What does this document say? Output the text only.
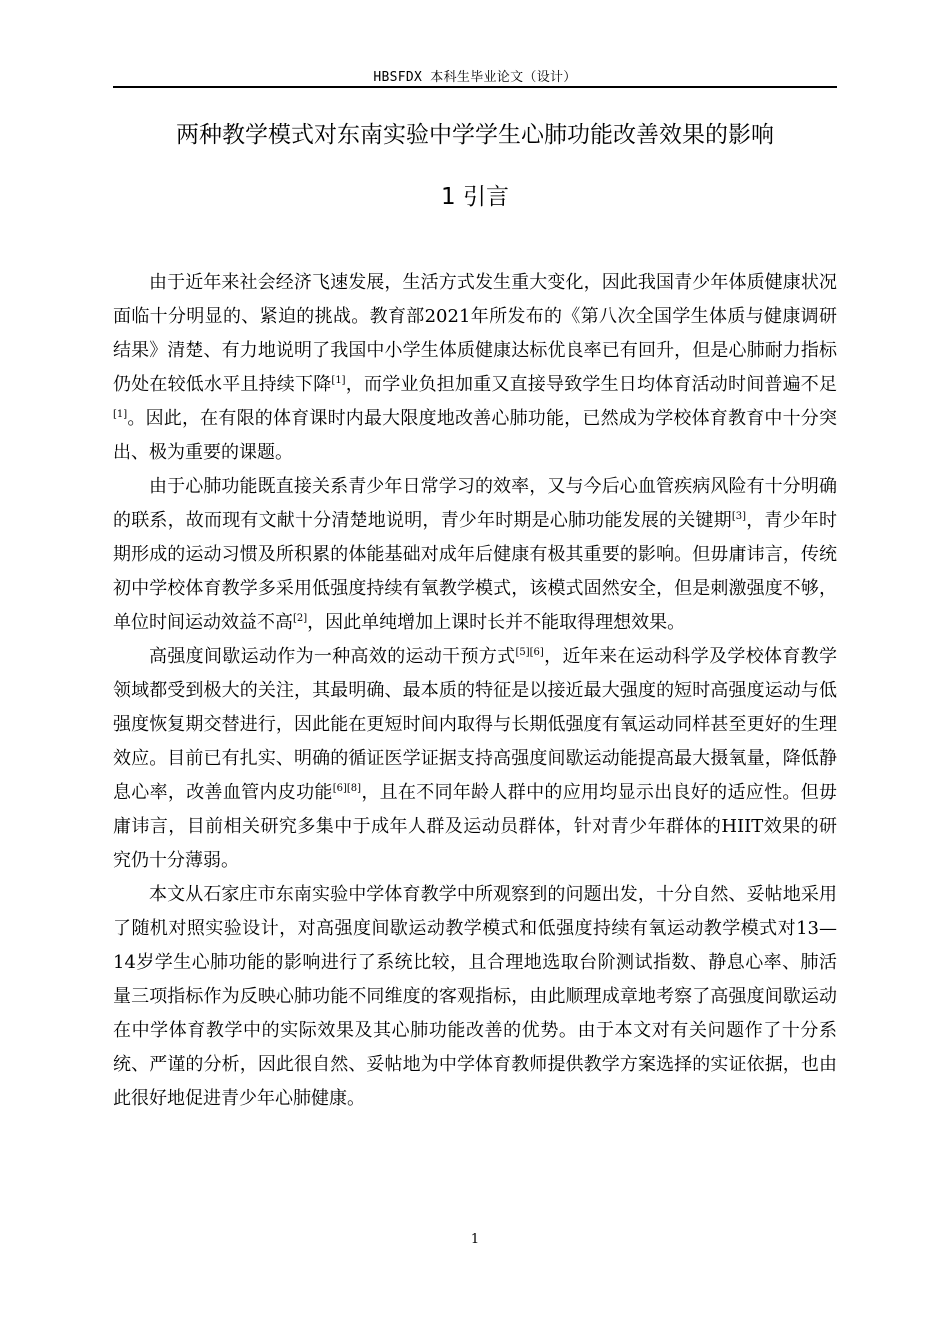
HBSFDX 本科生毕业论文（设计）
两种教学模式对东南实验中学学生心肺功能改善效果的影响
1 引言

由于近年来社会经济飞速发展，生活方式发生重大变化，因此我国青少年体质健康状况面临十分明显的、紧迫的挑战。教育部2021年所发布的《第八次全国学生体质与健康调研结果》清楚、有力地说明了我国中小学生体质健康达标优良率已有回升，但是心肺耐力指标仍处在较低水平且持续下降[1]，而学业负担加重又直接导致学生日均体育活动时间普遍不足[1]。因此，在有限的体育课时内最大限度地改善心肺功能，已然成为学校体育教育中十分突出、极为重要的课题。

由于心肺功能既直接关系青少年日常学习的效率，又与今后心血管疾病风险有十分明确的联系，故而现有文献十分清楚地说明，青少年时期是心肺功能发展的关键期[3]，青少年时期形成的运动习惯及所积累的体能基础对成年后健康有极其重要的影响。但毋庸讳言，传统初中学校体育教学多采用低强度持续有氧教学模式，该模式固然安全，但是刺激强度不够，单位时间运动效益不高[2]，因此单纯增加上课时长并不能取得理想效果。

高强度间歇运动作为一种高效的运动干预方式[5][6]，近年来在运动科学及学校体育教学领域都受到极大的关注，其最明确、最本质的特征是以接近最大强度的短时高强度运动与低强度恢复期交替进行，因此能在更短时间内取得与长期低强度有氧运动同样甚至更好的生理效应。目前已有扎实、明确的循证医学证据支持高强度间歇运动能提高最大摄氧量，降低静息心率，改善血管内皮功能[6][8]，且在不同年龄人群中的应用均显示出良好的适应性。但毋庸讳言，目前相关研究多集中于成年人群及运动员群体，针对青少年群体的HIIT效果的研究仍十分薄弱。

本文从石家庄市东南实验中学体育教学中所观察到的问题出发，十分自然、妥帖地采用了随机对照实验设计，对高强度间歇运动教学模式和低强度持续有氧运动教学模式对13—14岁学生心肺功能的影响进行了系统比较，且合理地选取台阶测试指数、静息心率、肺活量三项指标作为反映心肺功能不同维度的客观指标，由此顺理成章地考察了高强度间歇运动在中学体育教学中的实际效果及其心肺功能改善的优势。由于本文对有关问题作了十分系统、严谨的分析，因此很自然、妥帖地为中学体育教师提供教学方案选择的实证依据，也由此很好地促进青少年心肺健康。

1
